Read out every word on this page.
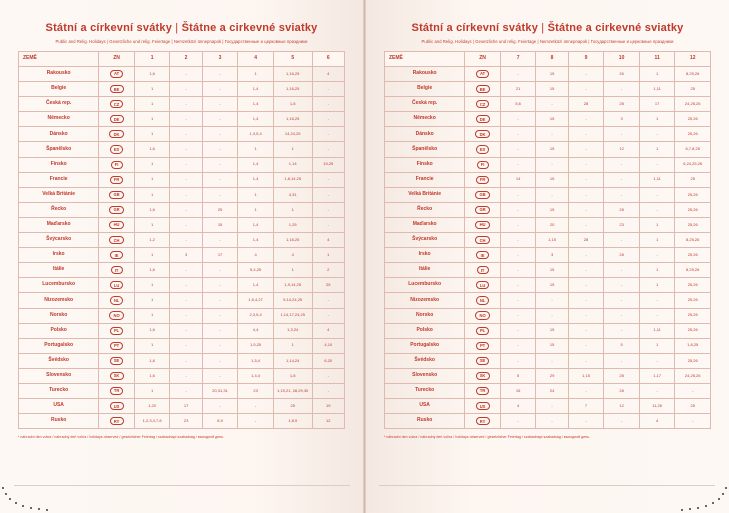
Státní a církevní svátky | Štátne a cirkevné sviatky
Public and Relig. Holidays | Gesetzliche und relig. Feiertage | Nemzetközi ünnepnapok | Государственные и церковные праздники
ZEMĚ	ZN	1	2	3	4	5	6
Rakousko	AT	1,6	-	-	1	1,16,25	4
Belgie	BE	1	-	-	1,4	1,16,25	-
Česká rep.	CZ	1	-	-	1,4	1,8	-
Německo	DE	1	-	-	1,4	1,16,25	-
Dánsko	DK	1	-	-	1,3,5,4	14,24,25	-
Španělsko	ES	1,6	-	-	1	1	-
Finsko	FI	1	-	-	1,4	1,14	19,25
Francie	FR	1	-	-	1,4	1,8,14,25	-
Velká Británie	GB	1	-	-	1	4,31	-
Řecko	GR	1,6	-	25	1	1	-
Maďarsko	HU	1	-	15	1,4	1,25	-
Švýcarsko	CH	1,2	-	-	1,4	1,16,25	4
Irsko	IE	1	3	17	4	4	1
Itálie	IT	1,6	-	-	5,4,25	1	2
Lucembursko	LU	1	-	-	1,4	1,9,14,25	25
Nizozemsko	NL	1	-	-	1,5,4,27	5,14,24,25	-
Norsko	NO	1	-	-	2,3,5,4	1,14,17,24,25	-
Polsko	PL	1,6	-	-	4,4	1,3,24	4
Portugalsko	PT	1	-	-	1,5,25	1	4,10
Švédsko	SE	1,6	-	-	1,5,4	1,14,24	6,20
Slovensko	SK	1,6	-	-	1,4,4	1,8	-
Turecko	TR	1	-	20,31,31	23	1,19,21, 28,29,30	-
USA	US	1,20	17	-	-	25	19
Rusko	RY	1,2,3,4,7,8	23	8,9	-	1,8,9	12
* náhradní den volna / náhradný deň voľna / holidays observed / gesetzlicher Feiertag / szabadnapi szabadság / выходной день.
Státní a církevní svátky | Štátne a cirkevné sviatky
Public and Relig. Holidays | Gesetzliche und relig. Feiertage | Nemzetközi ünnepnapok | Государственные и церковные праздники
ZEMĚ	ZN	7	8	9	10	11	12
Rakousko	AT	-	15	-	26	1	8,25,26
Belgie	BE	21	15	-	-	1,11	25
Česká rep.	CZ	5,6	-	28	28	17	24,25,26
Německo	DE	-	15	-	3	1	25,26
Dánsko	DK	-	-	-	-	-	25,26
Španělsko	ES	-	15	-	12	1	6,7,8,25
Finsko	FI	-	-	-	-	-	6,24,25,26
Francie	FR	14	15	-	-	1,11	25
Velká Británie	GB	-	-	-	-	-	25,26
Řecko	GR	-	15	-	28	-	25,26
Maďarsko	HU	-	20	-	23	1	25,26
Švýcarsko	CH	-	1,15	28	-	1	8,25,26
Irsko	IE	-	3	-	28	-	25,26
Itálie	IT	-	15	-	-	1	8,25,26
Lucembursko	LU	-	15	-	-	1	25,26
Nizozemsko	NL	-	-	-	-	-	25,26
Norsko	NO	-	-	-	-	-	25,26
Polsko	PL	-	15	-	-	1,11	25,26
Portugalsko	PT	-	15	-	5	1	1,8,25
Švédsko	SE	-	-	-	-	-	25,26
Slovensko	SK	5	29	1,15	28	1,17	24,25,26
Turecko	TR	15	24	-	28	-	-
USA	US	4	-	7	12	11,26	25
Rusko	RY	-	-	-	-	4	-
* náhradní den volna / náhradný deň voľna / holidays observed / gesetzlicher Feiertag / szabadnapi szabadság / выходной день.
